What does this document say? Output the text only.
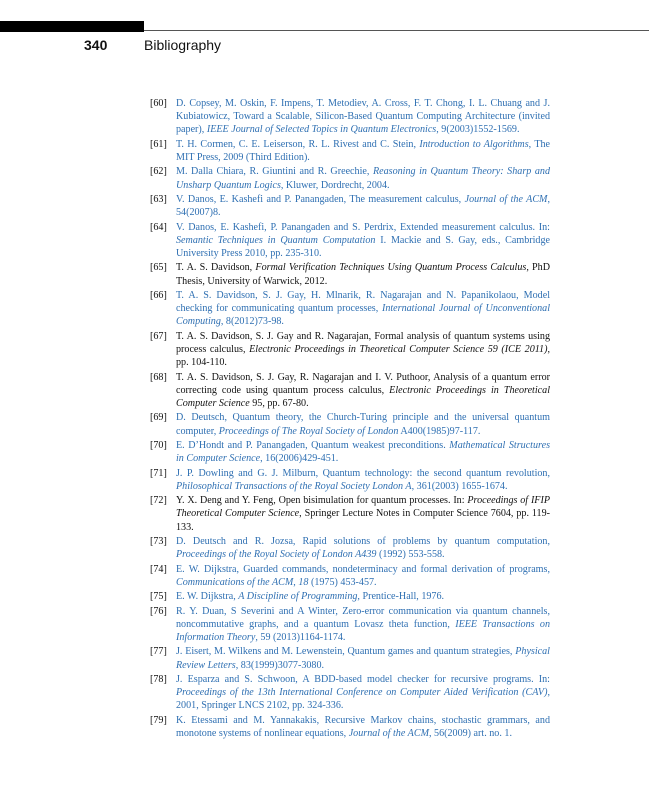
340	Bibliography
[60] D. Copsey, M. Oskin, F. Impens, T. Metodiev, A. Cross, F. T. Chong, I. L. Chuang and J. Kubiatowicz, Toward a Scalable, Silicon-Based Quantum Computing Architecture (invited paper), IEEE Journal of Selected Topics in Quantum Electronics, 9(2003)1552-1569.
[61] T. H. Cormen, C. E. Leiserson, R. L. Rivest and C. Stein, Introduction to Algorithms, The MIT Press, 2009 (Third Edition).
[62] M. Dalla Chiara, R. Giuntini and R. Greechie, Reasoning in Quantum Theory: Sharp and Unsharp Quantum Logics, Kluwer, Dordrecht, 2004.
[63] V. Danos, E. Kashefi and P. Panangaden, The measurement calculus, Journal of the ACM, 54(2007)8.
[64] V. Danos, E. Kashefi, P. Panangaden and S. Perdrix, Extended measurement calculus. In: Semantic Techniques in Quantum Computation I. Mackie and S. Gay, eds., Cambridge University Press 2010, pp. 235-310.
[65] T. A. S. Davidson, Formal Verification Techniques Using Quantum Process Calculus, PhD Thesis, University of Warwick, 2012.
[66] T. A. S. Davidson, S. J. Gay, H. Mlnarik, R. Nagarajan and N. Papanikolaou, Model checking for communicating quantum processes, International Journal of Unconventional Computing, 8(2012)73-98.
[67] T. A. S. Davidson, S. J. Gay and R. Nagarajan, Formal analysis of quantum systems using process calculus, Electronic Proceedings in Theoretical Computer Science 59 (ICE 2011), pp. 104-110.
[68] T. A. S. Davidson, S. J. Gay, R. Nagarajan and I. V. Puthoor, Analysis of a quantum error correcting code using quantum process calculus, Electronic Proceedings in Theoretical Computer Science 95, pp. 67-80.
[69] D. Deutsch, Quantum theory, the Church-Turing principle and the universal quantum computer, Proceedings of The Royal Society of London A400(1985)97-117.
[70] E. D’Hondt and P. Panangaden, Quantum weakest preconditions. Mathematical Structures in Computer Science, 16(2006)429-451.
[71] J. P. Dowling and G. J. Milburn, Quantum technology: the second quantum revolution, Philosophical Transactions of the Royal Society London A, 361(2003) 1655-1674.
[72] Y. X. Deng and Y. Feng, Open bisimulation for quantum processes. In: Proceedings of IFIP Theoretical Computer Science, Springer Lecture Notes in Computer Science 7604, pp. 119-133.
[73] D. Deutsch and R. Jozsa, Rapid solutions of problems by quantum computation, Proceedings of the Royal Society of London A439 (1992) 553-558.
[74] E. W. Dijkstra, Guarded commands, nondeterminacy and formal derivation of programs, Communications of the ACM, 18 (1975) 453-457.
[75] E. W. Dijkstra, A Discipline of Programming, Prentice-Hall, 1976.
[76] R. Y. Duan, S Severini and A Winter, Zero-error communication via quantum channels, noncommutative graphs, and a quantum Lovasz theta function, IEEE Transactions on Information Theory, 59 (2013)1164-1174.
[77] J. Eisert, M. Wilkens and M. Lewenstein, Quantum games and quantum strategies, Physical Review Letters, 83(1999)3077-3080.
[78] J. Esparza and S. Schwoon, A BDD-based model checker for recursive programs. In: Proceedings of the 13th International Conference on Computer Aided Verification (CAV), 2001, Springer LNCS 2102, pp. 324-336.
[79] K. Etessami and M. Yannakakis, Recursive Markov chains, stochastic grammars, and monotone systems of nonlinear equations, Journal of the ACM, 56(2009) art. no. 1.
